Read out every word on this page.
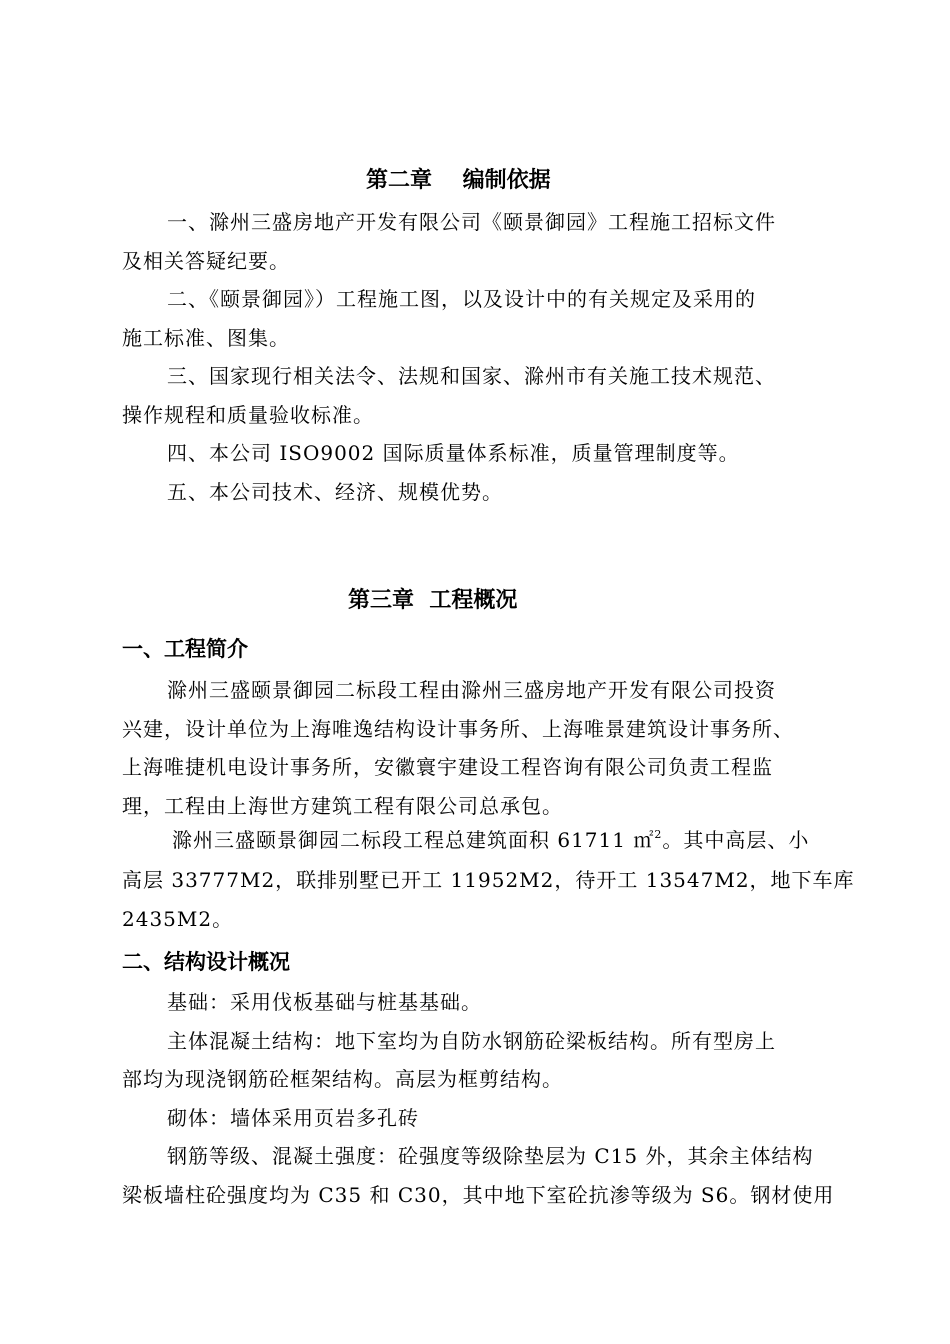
第二章    编制依据
一、滁州三盛房地产开发有限公司《颐景御园》工程施工招标文件
及相关答疑纪要。
二、《颐景御园》）工程施工图，以及设计中的有关规定及采用的
施工标准、图集。
三、国家现行相关法令、法规和国家、滁州市有关施工技术规范、
操作规程和质量验收标准。
四、本公司 ISO9002 国际质量体系标准，质量管理制度等。
五、本公司技术、经济、规模优势。
第三章  工程概况
一、工程简介
滁州三盛颐景御园二标段工程由滁州三盛房地产开发有限公司投资
兴建，设计单位为上海唯逸结构设计事务所、上海唯景建筑设计事务所、
上海唯捷机电设计事务所，安徽寰宇建设工程咨询有限公司负责工程监
理，工程由上海世方建筑工程有限公司总承包。
滁州三盛颐景御园二标段工程总建筑面积 61711 ㎡$^2$。其中高层、小
高层 33777M2，联排别墅已开工 11952M2，待开工 13547M2，地下车库
2435M2。
二、结构设计概况
基础：采用伐板基础与桩基基础。
主体混凝土结构：地下室均为自防水钢筋砼梁板结构。所有型房上
部均为现浇钢筋砼框架结构。高层为框剪结构。
砌体：墙体采用页岩多孔砖
钢筋等级、混凝土强度：砼强度等级除垫层为 C15 外，其余主体结构
梁板墙柱砼强度均为 C35 和 C30，其中地下室砼抗渗等级为 S6。钢材使用
